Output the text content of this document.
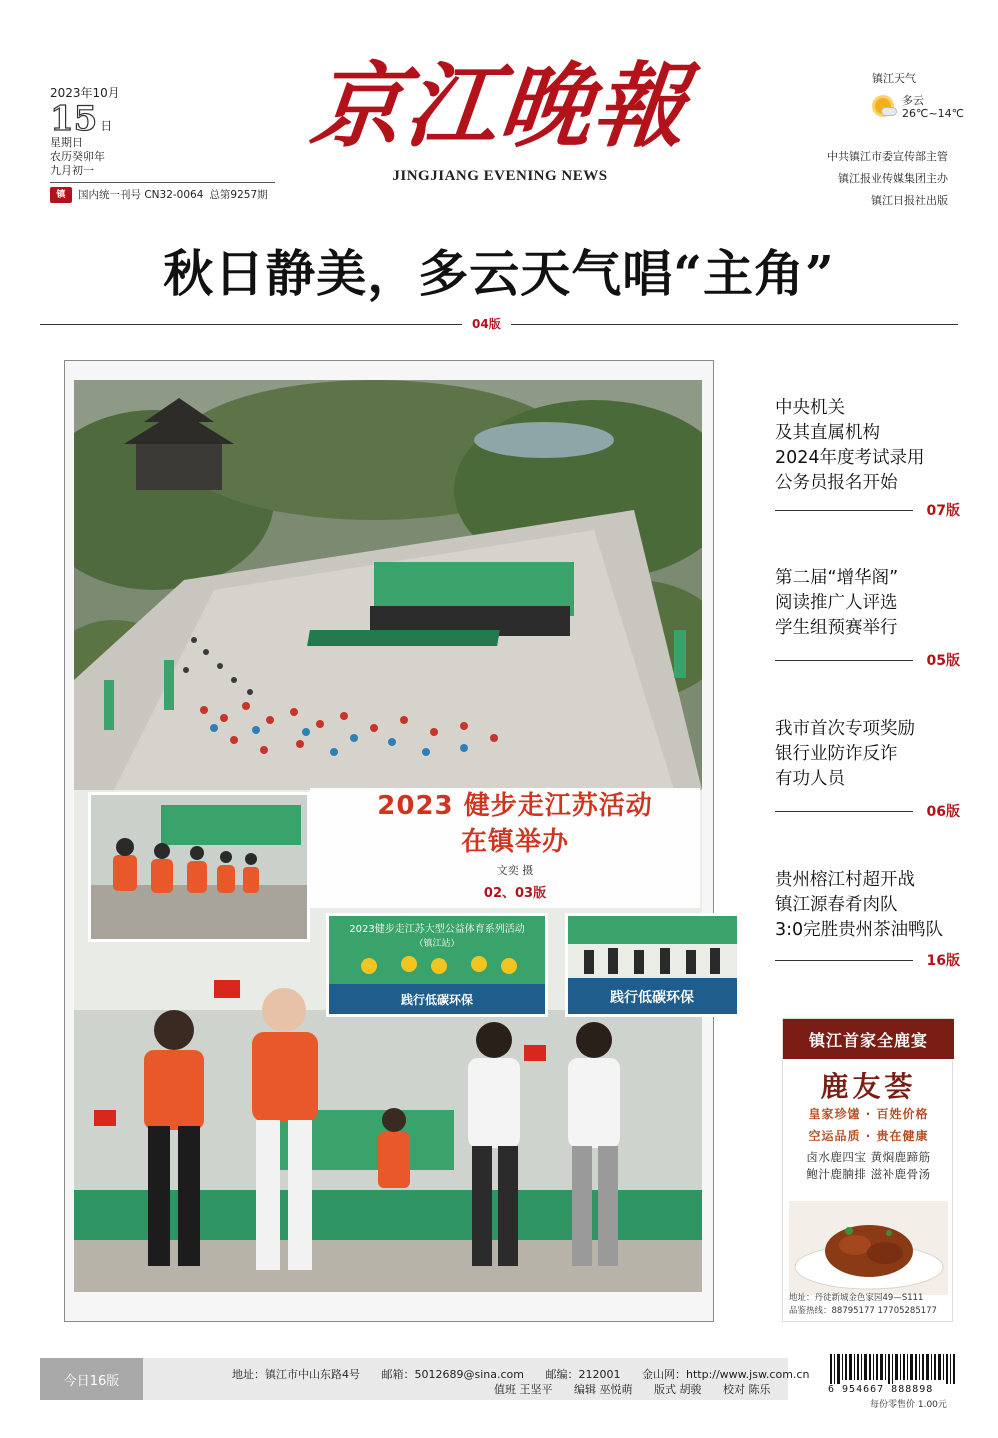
2023年10月
15 日
星期日
农历癸卯年
九月初一
镇	国内统一刊号 CN32-0064 总第9257期
京江晚報
JINGJIANG EVENING NEWS
镇江天气
多云
26℃~14℃
中共镇江市委宣传部主管
镇江报业传媒集团主办
镇江日报社出版
秋日静美，多云天气唱“主角”
04版
2023 健步走江苏活动
在镇举办
文奕 摄
02、03版
2023健步走江苏大型公益体育系列活动
（镇江站）
践行低碳环保	践行低碳环保
中央机关
及其直属机构
2024年度考试录用
公务员报名开始
07版
第二届“增华阁”
阅读推广人评选
学生组预赛举行
05版
我市首次专项奖励
银行业防诈反诈
有功人员
06版
贵州榕江村超开战
镇江源春肴肉队
3:0完胜贵州茶油鸭队
16版
镇江首家全鹿宴
鹿友荟
皇家珍馐 · 百姓价格
空运品质 · 贵在健康
卤水鹿四宝 黄焖鹿蹄筋
鲍汁鹿腩排 滋补鹿骨汤
地址：丹徒新城金色家园49—S111
品鉴热线：88795177 17705285177
今日16版	地址：镇江市中山东路4号 邮箱：5012689@sina.com 邮编：212001 金山网：http://www.jsw.com.cn
值班 王坚平 编辑 巫悦萌 版式 胡骏 校对 陈乐	6 954667 888898
每份零售价 1.00元
